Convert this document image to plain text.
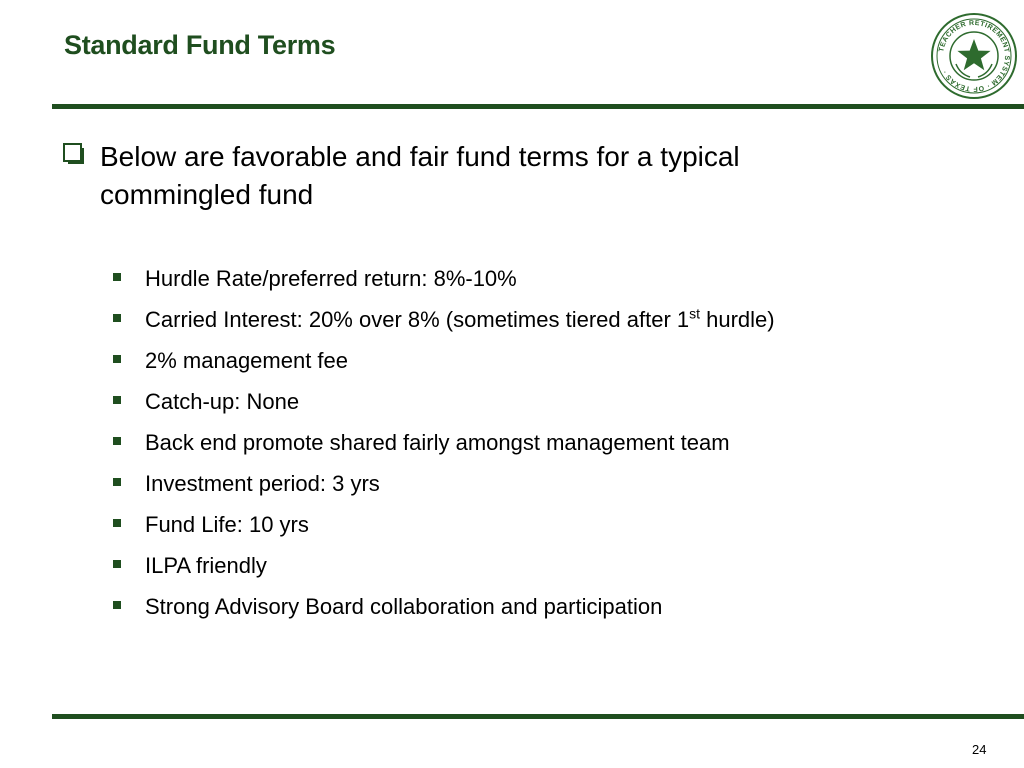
Standard Fund Terms	TEACHER RETIREMENT SYSTEM · OF TEXAS ·
Below are favorable and fair fund terms for a typical commingled fund
Hurdle Rate/preferred return: 8%-10%
Carried Interest: 20% over 8% (sometimes tiered after 1st hurdle)
2% management fee
Catch-up: None
Back end promote shared fairly amongst management team
Investment period: 3 yrs
Fund Life: 10 yrs
ILPA friendly
Strong Advisory Board collaboration and participation
24
